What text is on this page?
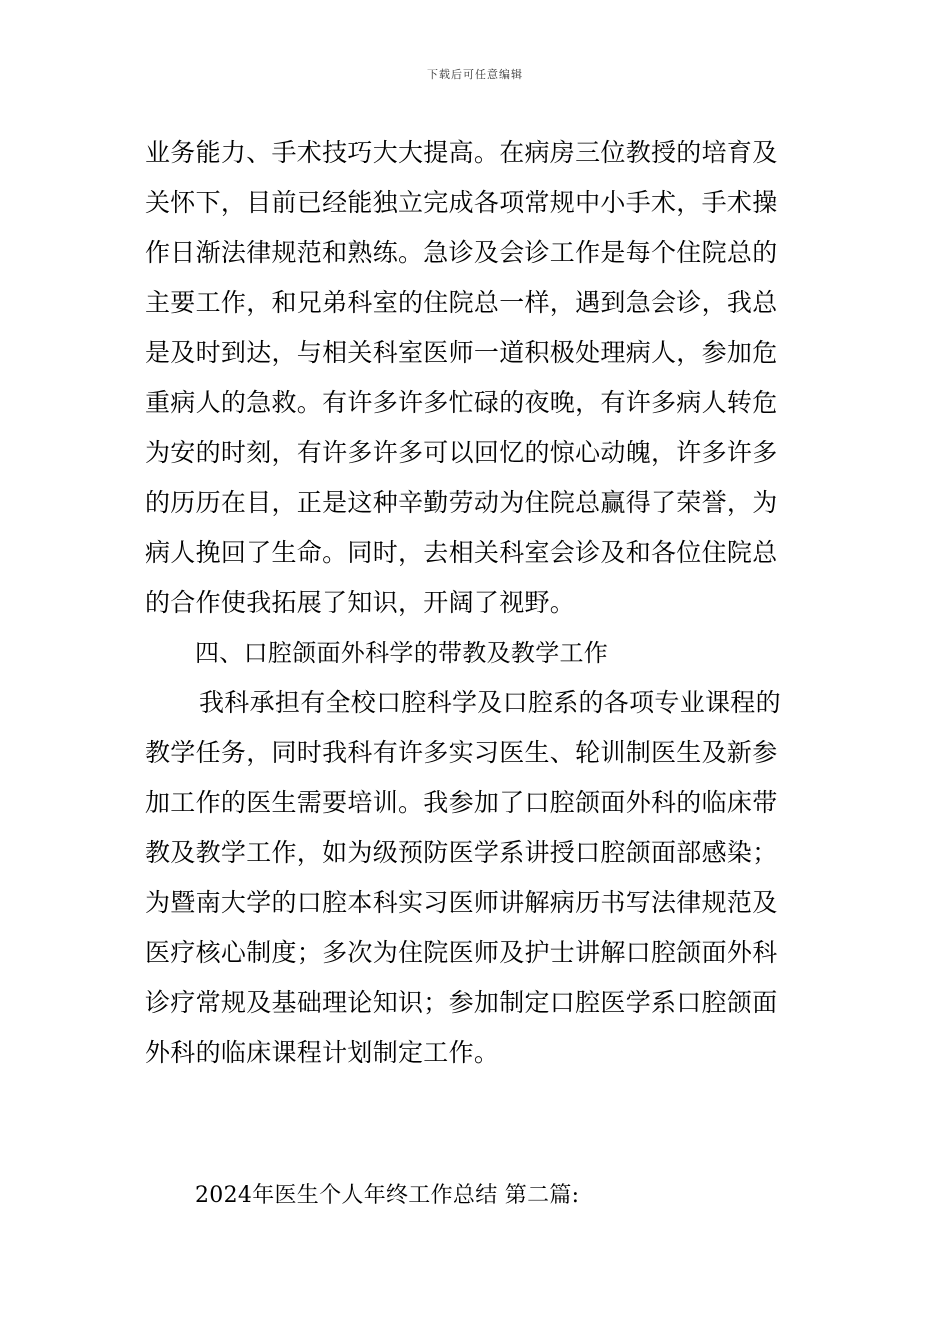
下载后可任意编辑
业务能力、手术技巧大大提高。在病房三位教授的培育及
关怀下，目前已经能独立完成各项常规中小手术，手术操
作日渐法律规范和熟练。急诊及会诊工作是每个住院总的
主要工作，和兄弟科室的住院总一样，遇到急会诊，我总
是及时到达，与相关科室医师一道积极处理病人，参加危
重病人的急救。有许多许多忙碌的夜晚，有许多病人转危
为安的时刻，有许多许多可以回忆的惊心动魄，许多许多
的历历在目，正是这种辛勤劳动为住院总赢得了荣誉，为
病人挽回了生命。同时，去相关科室会诊及和各位住院总
的合作使我拓展了知识，开阔了视野。
四、口腔颌面外科学的带教及教学工作
我科承担有全校口腔科学及口腔系的各项专业课程的
教学任务，同时我科有许多实习医生、轮训制医生及新参
加工作的医生需要培训。我参加了口腔颌面外科的临床带
教及教学工作，如为级预防医学系讲授口腔颌面部感染；
为暨南大学的口腔本科实习医师讲解病历书写法律规范及
医疗核心制度；多次为住院医师及护士讲解口腔颌面外科
诊疗常规及基础理论知识；参加制定口腔医学系口腔颌面
外科的临床课程计划制定工作。
2024年医生个人年终工作总结 第二篇:
